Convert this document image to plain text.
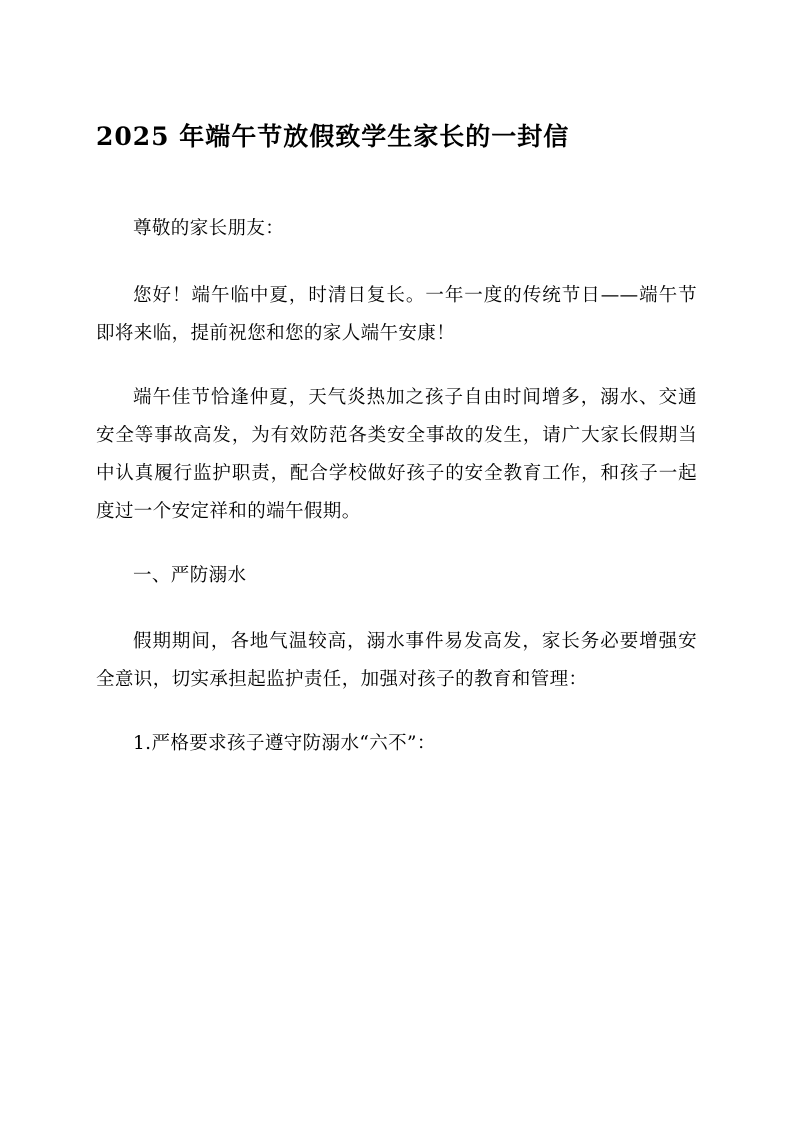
2025 年端午节放假致学生家长的一封信

尊敬的家长朋友：

您好！端午临中夏，时清日复长。一年一度的传统节日——端午节即将来临，提前祝您和您的家人端午安康！

端午佳节恰逢仲夏，天气炎热加之孩子自由时间增多，溺水、交通安全等事故高发，为有效防范各类安全事故的发生，请广大家长假期当中认真履行监护职责，配合学校做好孩子的安全教育工作，和孩子一起度过一个安定祥和的端午假期。

一、严防溺水

假期期间，各地气温较高，溺水事件易发高发，家长务必要增强安全意识，切实承担起监护责任，加强对孩子的教育和管理：

1.严格要求孩子遵守防溺水“六不”：
